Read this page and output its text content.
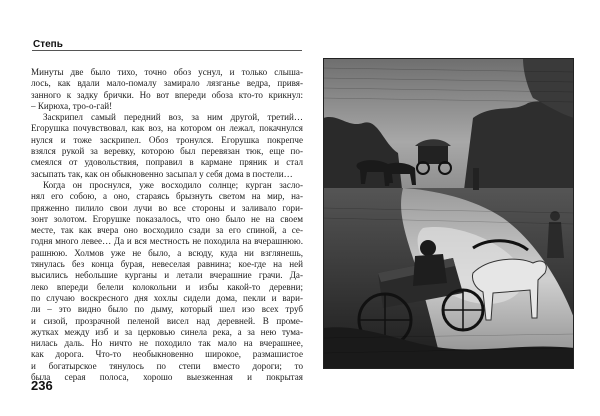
Степь
Минуты две было тихо, точно обоз уснул, и только слыша-
лось, как вдали мало-помалу замирало лязганье ведра, привя-
занного к задку брички. Но вот впереди обоза кто-то крикнул:
– Кирюха, тро-о-гай!
Заскрипел самый передний воз, за ним другой, третий…
Егорушка почувствовал, как воз, на котором он лежал, покачнулся
нулся и тоже заскрипел. Обоз тронулся. Егорушка покрепче
взялся рукой за веревку, которою был перевязан тюк, еще по-
смеялся от удовольствия, поправил в кармане пряник и стал
засыпать так, как он обыкновенно засыпал у себя дома в постели…
Когда он проснулся, уже восходило солнце; курган засло-
нял его собою, а оно, стараясь брызнуть светом на мир, на-
пряженно пилило свои лучи во все стороны и заливало гори-
зонт золотом. Егорушке показалось, что оно было не на своем
месте, так как вчера оно восходило сзади за его спиной, а се-
годня много левее… Да и вся местность не походила на вчерашнюю.
рашнюю. Холмов уже не было, а всюду, куда ни взглянешь,
тянулась без конца бурая, невеселая равнина; кое-где на ней
высились небольшие курганы и летали вчерашние грачи. Да-
леко впереди белели колокольни и избы какой-то деревни;
по случаю воскресного дня хохлы сидели дома, пекли и вари-
ли – это видно было по дыму, который шел изо всех труб
и сизой, прозрачной пеленой висел над деревней. В проме-
жутках между изб и за церковью синела река, а за нею тума-
нилась даль. Но ничто не походило так мало на вчерашнее,
как дорога. Что-то необыкновенно широкое, размашистое
и богатырское тянулось по степи вместо дороги; то
была серая полоса, хорошо выезженная и покрытая
236
